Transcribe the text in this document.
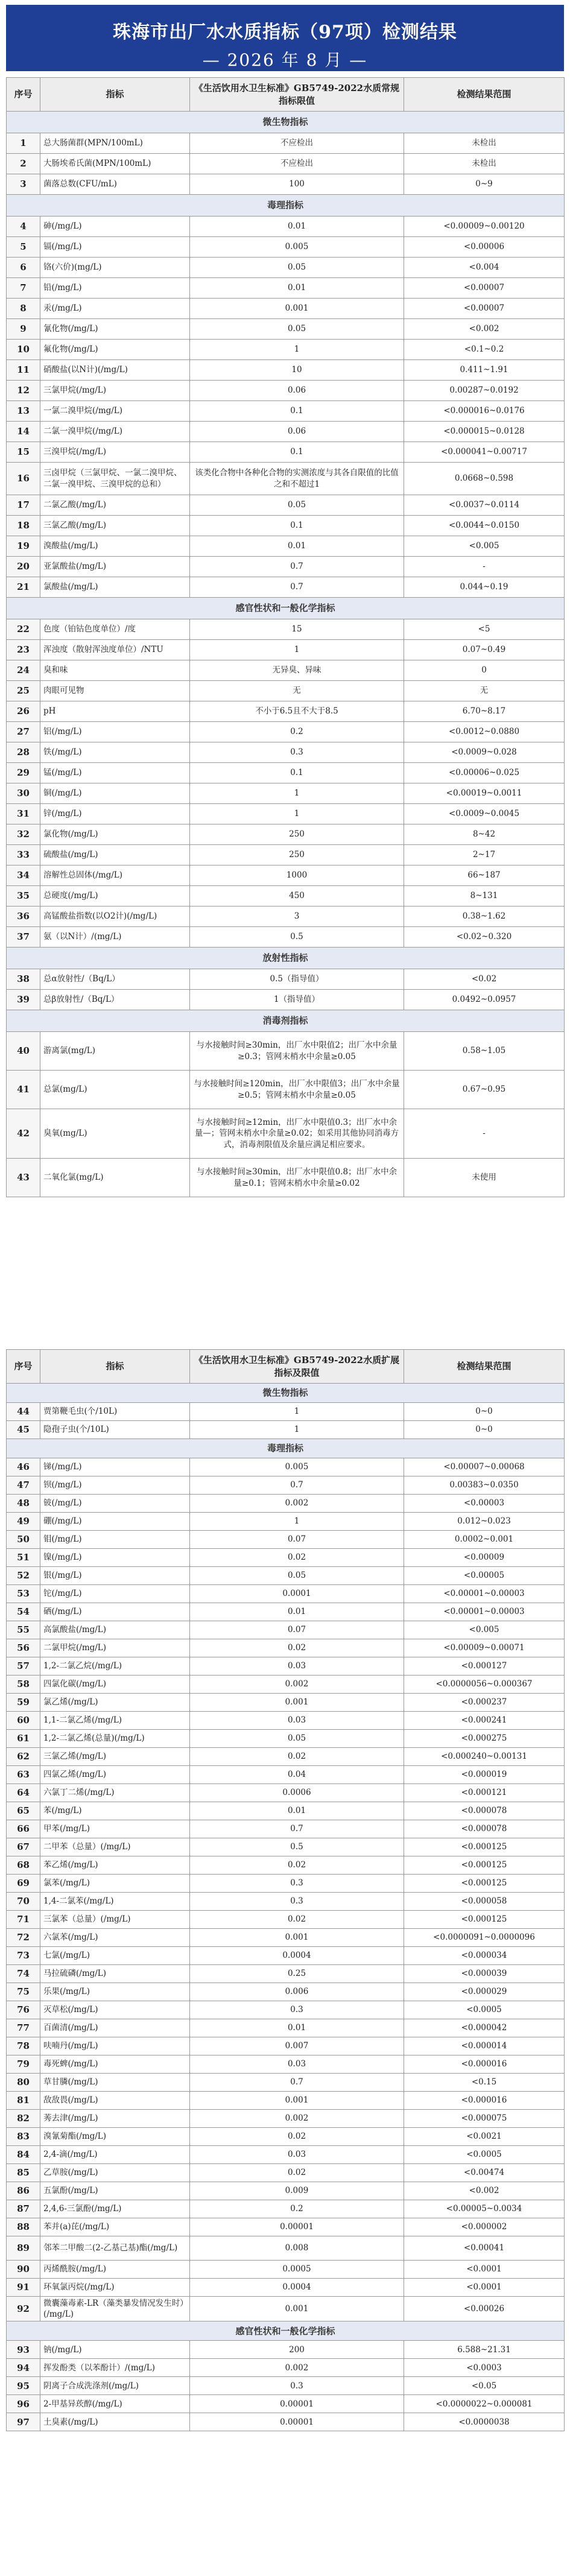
珠海市出厂水水质指标（97项）检测结果
— 2026 年 8 月 —
序号	指标	《生活饮用水卫生标准》GB5749-2022水质常规指标限值	检测结果范围
微生物指标			
1	总大肠菌群(MPN/100mL)	不应检出	未检出
2	大肠埃希氏菌(MPN/100mL)	不应检出	未检出
3	菌落总数(CFU/mL)	100	0~9
毒理指标			
4	砷(/mg/L)	0.01	<0.00009~0.00120
5	镉(/mg/L)	0.005	<0.00006
6	铬(六价)(mg/L)	0.05	<0.004
7	铅(/mg/L)	0.01	<0.00007
8	汞(/mg/L)	0.001	<0.00007
9	氰化物(/mg/L)	0.05	<0.002
10	氟化物(/mg/L)	1	<0.1~0.2
11	硝酸盐(以N计)(/mg/L)	10	0.411~1.91
12	三氯甲烷(/mg/L)	0.06	0.00287~0.0192
13	一氯二溴甲烷(/mg/L)	0.1	<0.000016~0.0176
14	二氯一溴甲烷(/mg/L)	0.06	<0.000015~0.0128
15	三溴甲烷(/mg/L)	0.1	<0.000041~0.00717
16	三卤甲烷（三氯甲烷、一氯二溴甲烷、二氯一溴甲烷、三溴甲烷的总和）	该类化合物中各种化合物的实测浓度与其各自限值的比值之和不超过1	0.0668~0.598
17	二氯乙酸(/mg/L)	0.05	<0.0037~0.0114
18	三氯乙酸(/mg/L)	0.1	<0.0044~0.0150
19	溴酸盐(/mg/L)	0.01	<0.005
20	亚氯酸盐(/mg/L)	0.7	-
21	氯酸盐(/mg/L)	0.7	0.044~0.19
感官性状和一般化学指标			
22	色度（铂钴色度单位）/度	15	<5
23	浑浊度（散射浑浊度单位）/NTU	1	0.07~0.49
24	臭和味	无异臭、异味	0
25	肉眼可见物	无	无
26	pH	不小于6.5且不大于8.5	6.70~8.17
27	铝(/mg/L)	0.2	<0.0012~0.0880
28	铁(/mg/L)	0.3	<0.0009~0.028
29	锰(/mg/L)	0.1	<0.00006~0.025
30	铜(/mg/L)	1	<0.00019~0.0011
31	锌(/mg/L)	1	<0.0009~0.0045
32	氯化物(/mg/L)	250	8~42
33	硫酸盐(/mg/L)	250	2~17
34	溶解性总固体(/mg/L)	1000	66~187
35	总硬度(/mg/L)	450	8~131
36	高锰酸盐指数(以O2计)(/mg/L)	3	0.38~1.62
37	氨（以N计）/(mg/L)	0.5	<0.02~0.320
放射性指标			
38	总α放射性/（Bq/L）	0.5（指导值）	<0.02
39	总β放射性/（Bq/L）	1（指导值）	0.0492~0.0957
消毒剂指标			
40	游离氯(mg/L)	与水接触时间≥30min，出厂水中限值2；出厂水中余量≥0.3；管网末梢水中余量≥0.05	0.58~1.05
41	总氯(mg/L)	与水接触时间≥120min，出厂水中限值3；出厂水中余量≥0.5；管网末梢水中余量≥0.05	0.67~0.95
42	臭氧(mg/L)	与水接触时间≥12min，出厂水中限值0.3；出厂水中余量—；管网末梢水中余量≥0.02；如采用其他协同消毒方式，消毒剂限值及余量应满足相应要求。	-
43	二氧化氯(mg/L)	与水接触时间≥30min，出厂水中限值0.8；出厂水中余量≥0.1；管网末梢水中余量≥0.02	未使用
序号	指标	《生活饮用水卫生标准》GB5749-2022水质扩展指标及限值	检测结果范围
微生物指标			
44	贾第鞭毛虫(个/10L)	1	0~0
45	隐孢子虫(个/10L)	1	0~0
毒理指标			
46	锑(/mg/L)	0.005	<0.00007~0.00068
47	钡(/mg/L)	0.7	0.00383~0.0350
48	铍(/mg/L)	0.002	<0.00003
49	硼(/mg/L)	1	0.012~0.023
50	钼(/mg/L)	0.07	0.0002~0.001
51	镍(/mg/L)	0.02	<0.00009
52	银(/mg/L)	0.05	<0.00005
53	铊(/mg/L)	0.0001	<0.00001~0.00003
54	硒(/mg/L)	0.01	<0.00001~0.00003
55	高氯酸盐(/mg/L)	0.07	<0.005
56	二氯甲烷(/mg/L)	0.02	<0.00009~0.00071
57	1,2-二氯乙烷(/mg/L)	0.03	<0.000127
58	四氯化碳(/mg/L)	0.002	<0.0000056~0.000367
59	氯乙烯(/mg/L)	0.001	<0.000237
60	1,1-二氯乙烯(/mg/L)	0.03	<0.000241
61	1,2-二氯乙烯(总量)(/mg/L)	0.05	<0.000275
62	三氯乙烯(/mg/L)	0.02	<0.000240~0.00131
63	四氯乙烯(/mg/L)	0.04	<0.000019
64	六氯丁二烯(/mg/L)	0.0006	<0.000121
65	苯(/mg/L)	0.01	<0.000078
66	甲苯(/mg/L)	0.7	<0.000078
67	二甲苯（总量）(/mg/L)	0.5	<0.000125
68	苯乙烯(/mg/L)	0.02	<0.000125
69	氯苯(/mg/L)	0.3	<0.000125
70	1,4-二氯苯(/mg/L)	0.3	<0.000058
71	三氯苯（总量）(/mg/L)	0.02	<0.000125
72	六氯苯(/mg/L)	0.001	<0.0000091~0.0000096
73	七氯(/mg/L)	0.0004	<0.000034
74	马拉硫磷(/mg/L)	0.25	<0.000039
75	乐果(/mg/L)	0.006	<0.000029
76	灭草松(/mg/L)	0.3	<0.0005
77	百菌清(/mg/L)	0.01	<0.000042
78	呋喃丹(/mg/L)	0.007	<0.000014
79	毒死蜱(/mg/L)	0.03	<0.000016
80	草甘膦(/mg/L)	0.7	<0.15
81	敌敌畏(/mg/L)	0.001	<0.000016
82	莠去津(/mg/L)	0.002	<0.000075
83	溴氰菊酯(/mg/L)	0.02	<0.0021
84	2,4-滴(/mg/L)	0.03	<0.0005
85	乙草胺(/mg/L)	0.02	<0.00474
86	五氯酚(/mg/L)	0.009	<0.002
87	2,4,6-三氯酚(/mg/L)	0.2	<0.00005~0.0034
88	苯并(a)芘(/mg/L)	0.00001	<0.000002
89	邻苯二甲酸二(2-乙基己基)酯(/mg/L)	0.008	<0.00041
90	丙烯酰胺(/mg/L)	0.0005	<0.0001
91	环氧氯丙烷(/mg/L)	0.0004	<0.0001
92	微囊藻毒素-LR（藻类暴发情况发生时）(/mg/L)	0.001	<0.00026
感官性状和一般化学指标			
93	钠(/mg/L)	200	6.588~21.31
94	挥发酚类（以苯酚计）/(mg/L)	0.002	<0.0003
95	阴离子合成洗涤剂(/mg/L)	0.3	<0.05
96	2-甲基异莰醇(/mg/L)	0.00001	<0.0000022~0.000081
97	土臭素(/mg/L)	0.00001	<0.0000038
